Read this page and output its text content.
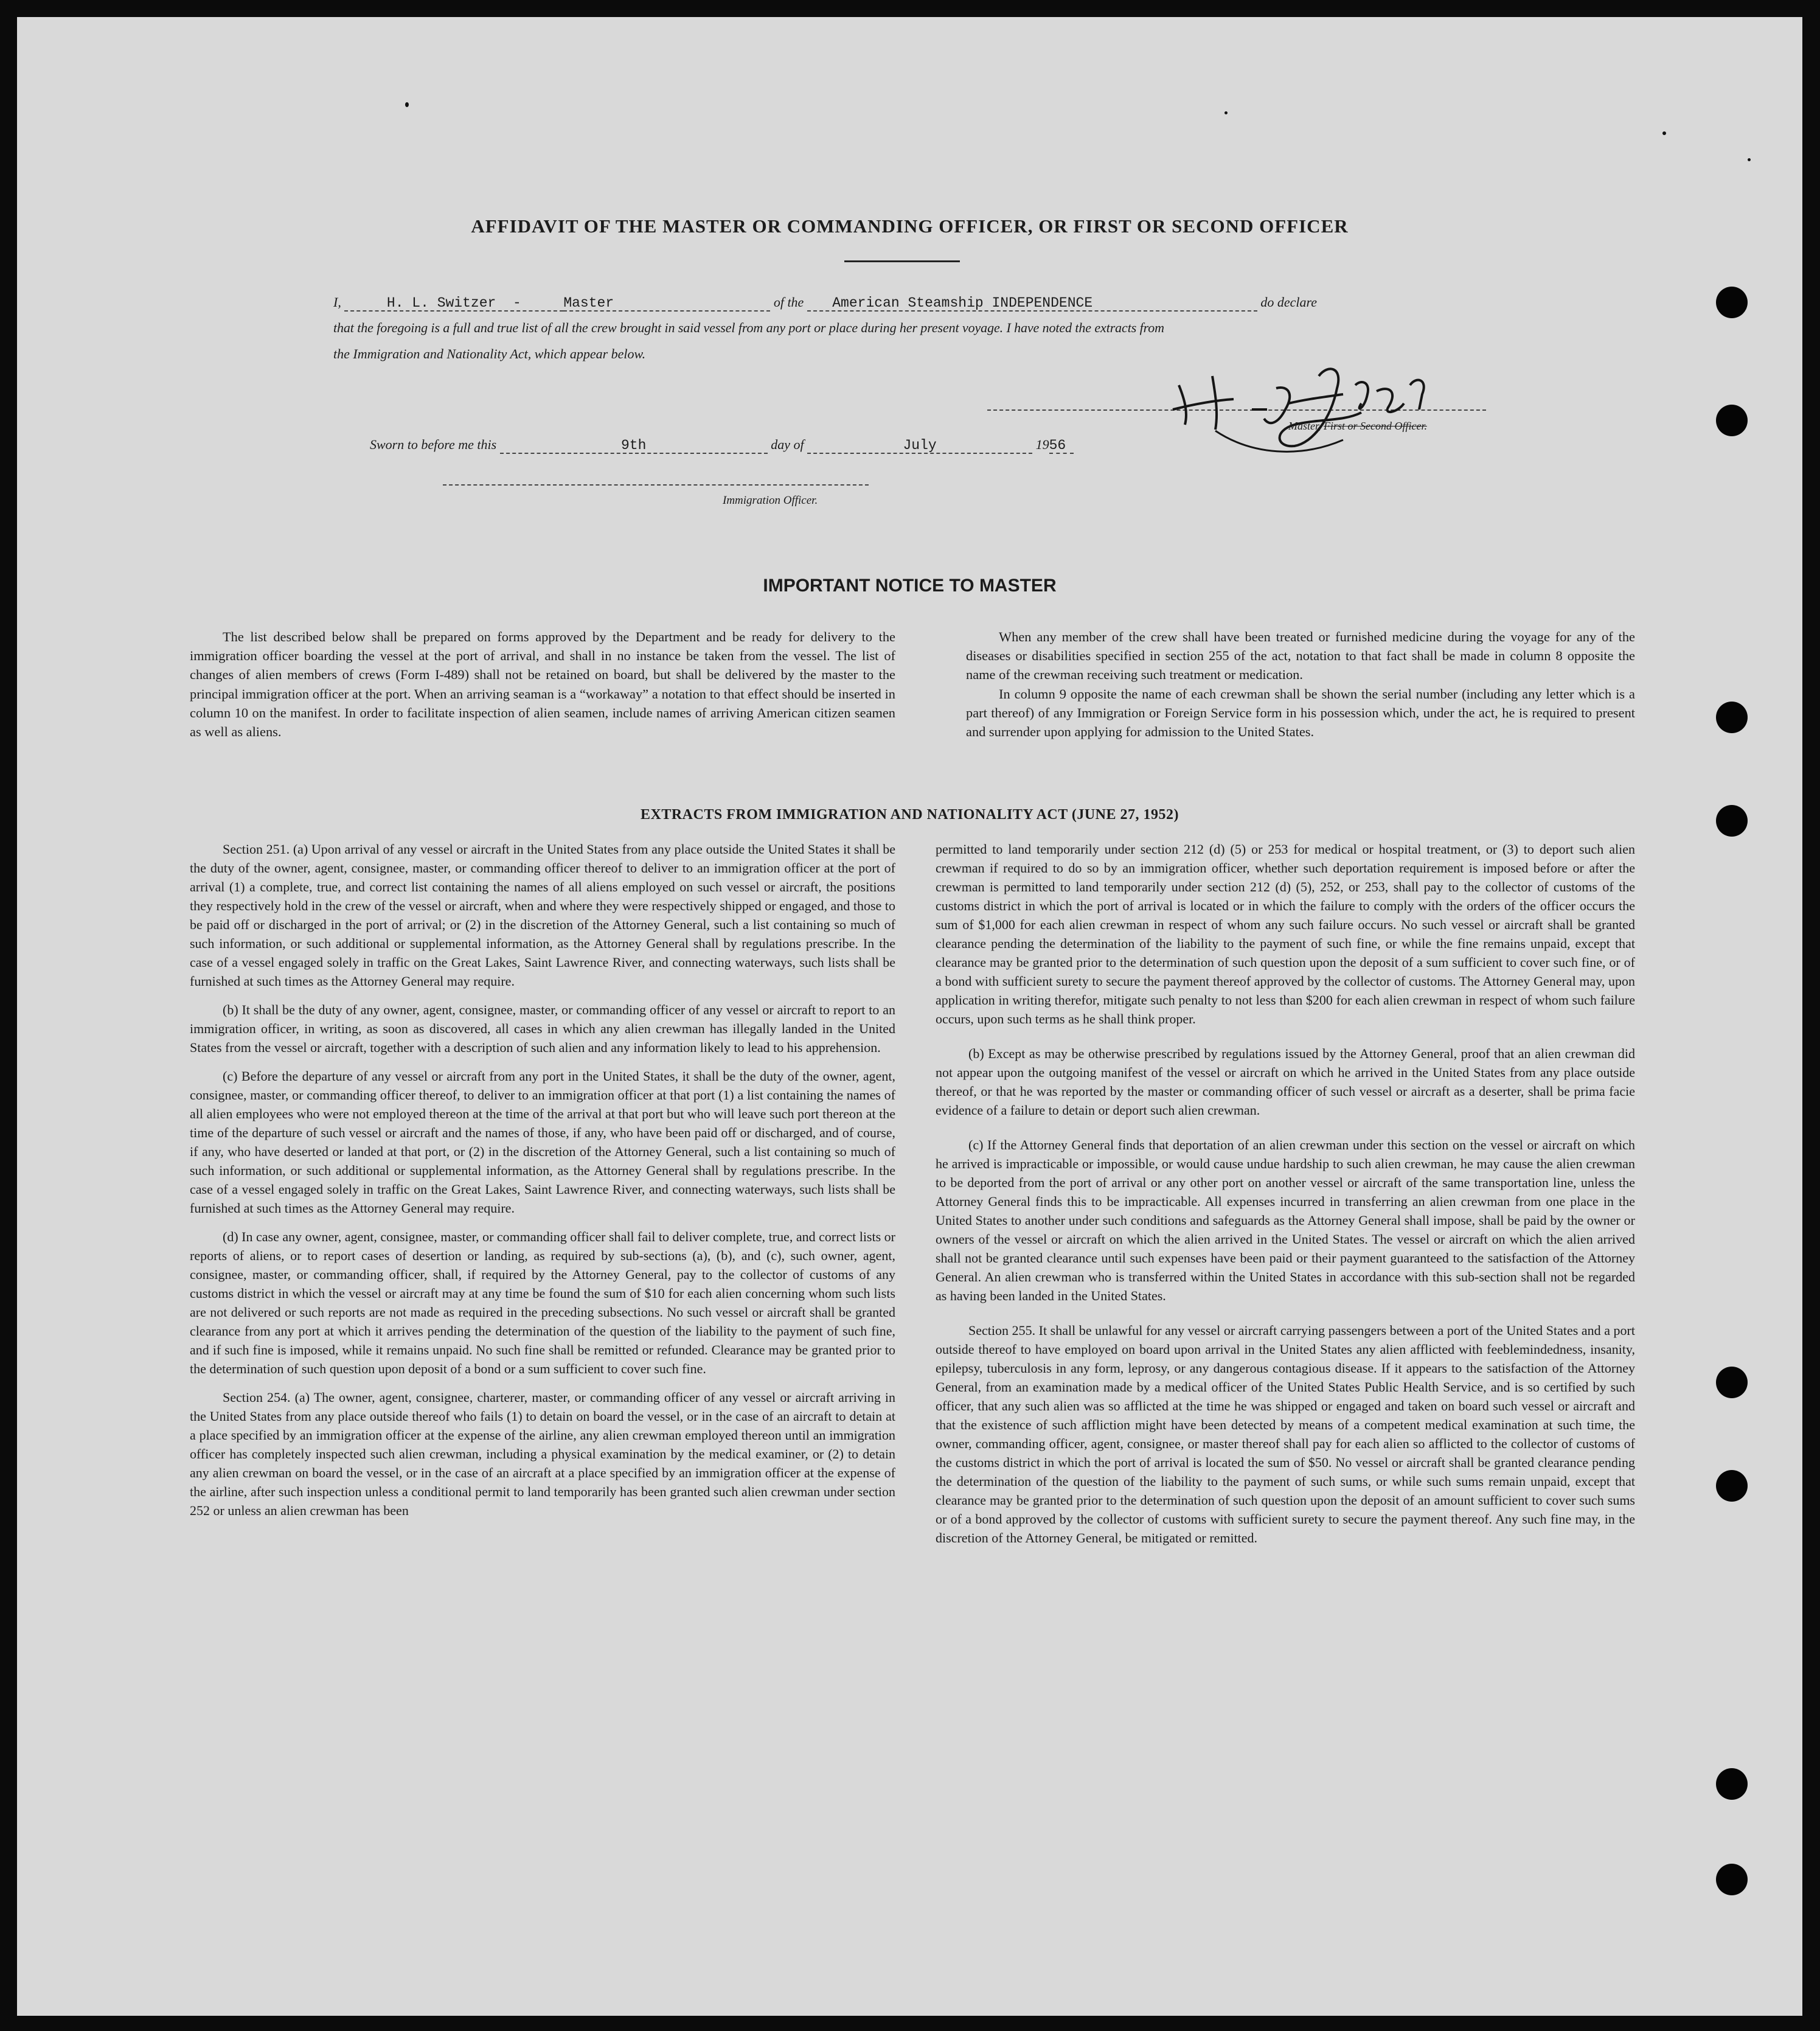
AFFIDAVIT OF THE MASTER OR COMMANDING OFFICER, OR FIRST OR SECOND OFFICER
I,	H. L. Switzer -	Master	of the American Steamship INDEPENDENCE	do declare
that the foregoing is a full and true list of all the crew brought in said vessel from any port or place during her present voyage. I have noted the extracts from
the Immigration and Nationality Act, which appear below.
Master, First or Second Officer.
Sworn to before me this	9th	day of	July	1956
Immigration Officer.
IMPORTANT NOTICE TO MASTER

The list described below shall be prepared on forms approved by the Department and be ready for delivery to the immigration officer boarding the vessel at the port of arrival, and shall in no instance be taken from the vessel. The list of changes of alien members of crews (Form I-489) shall not be retained on board, but shall be delivered by the master to the principal immigration officer at the port. When an arriving seaman is a “workaway” a notation to that effect should be inserted in column 10 on the manifest. In order to facilitate inspection of alien seamen, include names of arriving American citizen seamen as well as aliens.

When any member of the crew shall have been treated or furnished medicine during the voyage for any of the diseases or disabilities specified in section 255 of the act, notation to that fact shall be made in column 8 opposite the name of the crewman receiving such treatment or medication.

In column 9 opposite the name of each crewman shall be shown the serial number (including any letter which is a part thereof) of any Immigration or Foreign Service form in his possession which, under the act, he is required to present and surrender upon applying for admission to the United States.

EXTRACTS FROM IMMIGRATION AND NATIONALITY ACT (JUNE 27, 1952)

Section 251. (a) Upon arrival of any vessel or aircraft in the United States from any place outside the United States it shall be the duty of the owner, agent, consignee, master, or commanding officer thereof to deliver to an immigration officer at the port of arrival (1) a complete, true, and correct list containing the names of all aliens employed on such vessel or aircraft, the positions they respectively hold in the crew of the vessel or aircraft, when and where they were respectively shipped or engaged, and those to be paid off or discharged in the port of arrival; or (2) in the discretion of the Attorney General, such a list containing so much of such information, or such additional or supplemental information, as the Attorney General shall by regulations prescribe. In the case of a vessel engaged solely in traffic on the Great Lakes, Saint Lawrence River, and connecting waterways, such lists shall be furnished at such times as the Attorney General may require.

(b) It shall be the duty of any owner, agent, consignee, master, or commanding officer of any vessel or aircraft to report to an immigration officer, in writing, as soon as discovered, all cases in which any alien crewman has illegally landed in the United States from the vessel or aircraft, together with a description of such alien and any information likely to lead to his apprehension.

(c) Before the departure of any vessel or aircraft from any port in the United States, it shall be the duty of the owner, agent, consignee, master, or commanding officer thereof, to deliver to an immigration officer at that port (1) a list containing the names of all alien employees who were not employed thereon at the time of the arrival at that port but who will leave such port thereon at the time of the departure of such vessel or aircraft and the names of those, if any, who have been paid off or discharged, and of course, if any, who have deserted or landed at that port, or (2) in the discretion of the Attorney General, such a list containing so much of such information, or such additional or supplemental information, as the Attorney General shall by regulations prescribe. In the case of a vessel engaged solely in traffic on the Great Lakes, Saint Lawrence River, and connecting waterways, such lists shall be furnished at such times as the Attorney General may require.

(d) In case any owner, agent, consignee, master, or commanding officer shall fail to deliver complete, true, and correct lists or reports of aliens, or to report cases of desertion or landing, as required by sub-sections (a), (b), and (c), such owner, agent, consignee, master, or commanding officer, shall, if required by the Attorney General, pay to the collector of customs of any customs district in which the vessel or aircraft may at any time be found the sum of $10 for each alien concerning whom such lists are not delivered or such reports are not made as required in the preceding subsections. No such vessel or aircraft shall be granted clearance from any port at which it arrives pending the determination of the question of the liability to the payment of such fine, and if such fine is imposed, while it remains unpaid. No such fine shall be remitted or refunded. Clearance may be granted prior to the determination of such question upon deposit of a bond or a sum sufficient to cover such fine.

Section 254. (a) The owner, agent, consignee, charterer, master, or commanding officer of any vessel or aircraft arriving in the United States from any place outside thereof who fails (1) to detain on board the vessel, or in the case of an aircraft to detain at a place specified by an immigration officer at the expense of the airline, any alien crewman employed thereon until an immigration officer has completely inspected such alien crewman, including a physical examination by the medical examiner, or (2) to detain any alien crewman on board the vessel, or in the case of an aircraft at a place specified by an immigration officer at the expense of the airline, after such inspection unless a conditional permit to land temporarily has been granted such alien crewman under section 252 or unless an alien crewman has been

permitted to land temporarily under section 212 (d) (5) or 253 for medical or hospital treatment, or (3) to deport such alien crewman if required to do so by an immigration officer, whether such deportation requirement is imposed before or after the crewman is permitted to land temporarily under section 212 (d) (5), 252, or 253, shall pay to the collector of customs of the customs district in which the port of arrival is located or in which the failure to comply with the orders of the officer occurs the sum of $1,000 for each alien crewman in respect of whom any such failure occurs. No such vessel or aircraft shall be granted clearance pending the determination of the liability to the payment of such fine, or while the fine remains unpaid, except that clearance may be granted prior to the determination of such question upon the deposit of a sum sufficient to cover such fine, or of a bond with sufficient surety to secure the payment thereof approved by the collector of customs. The Attorney General may, upon application in writing therefor, mitigate such penalty to not less than $200 for each alien crewman in respect of whom such failure occurs, upon such terms as he shall think proper.

(b) Except as may be otherwise prescribed by regulations issued by the Attorney General, proof that an alien crewman did not appear upon the outgoing manifest of the vessel or aircraft on which he arrived in the United States from any place outside thereof, or that he was reported by the master or commanding officer of such vessel or aircraft as a deserter, shall be prima facie evidence of a failure to detain or deport such alien crewman.

(c) If the Attorney General finds that deportation of an alien crewman under this section on the vessel or aircraft on which he arrived is impracticable or impossible, or would cause undue hardship to such alien crewman, he may cause the alien crewman to be deported from the port of arrival or any other port on another vessel or aircraft of the same transportation line, unless the Attorney General finds this to be impracticable. All expenses incurred in transferring an alien crewman from one place in the United States to another under such conditions and safeguards as the Attorney General shall impose, shall be paid by the owner or owners of the vessel or aircraft on which the alien arrived in the United States. The vessel or aircraft on which the alien arrived shall not be granted clearance until such expenses have been paid or their payment guaranteed to the satisfaction of the Attorney General. An alien crewman who is transferred within the United States in accordance with this sub-section shall not be regarded as having been landed in the United States.

Section 255. It shall be unlawful for any vessel or aircraft carrying passengers between a port of the United States and a port outside thereof to have employed on board upon arrival in the United States any alien afflicted with feeblemindedness, insanity, epilepsy, tuberculosis in any form, leprosy, or any dangerous contagious disease. If it appears to the satisfaction of the Attorney General, from an examination made by a medical officer of the United States Public Health Service, and is so certified by such officer, that any such alien was so afflicted at the time he was shipped or engaged and taken on board such vessel or aircraft and that the existence of such affliction might have been detected by means of a competent medical examination at such time, the owner, commanding officer, agent, consignee, or master thereof shall pay for each alien so afflicted to the collector of customs of the customs district in which the port of arrival is located the sum of $50. No vessel or aircraft shall be granted clearance pending the determination of the question of the liability to the payment of such sums, or while such sums remain unpaid, except that clearance may be granted prior to the determination of such question upon the deposit of an amount sufficient to cover such sums or of a bond approved by the collector of customs with sufficient surety to secure the payment thereof. Any such fine may, in the discretion of the Attorney General, be mitigated or remitted.
